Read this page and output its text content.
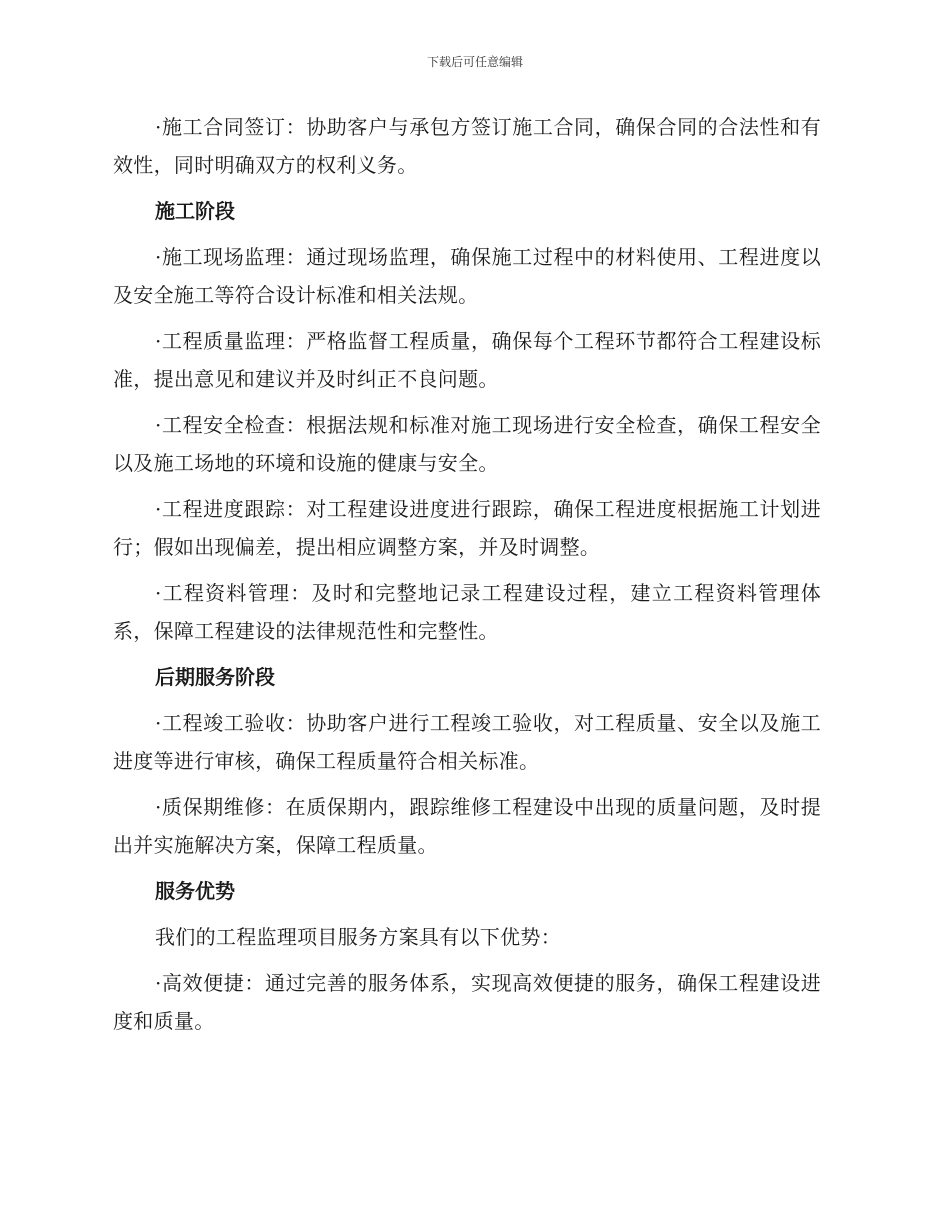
下载后可任意编辑

·施工合同签订：协助客户与承包方签订施工合同，确保合同的合法性和有效性，同时明确双方的权利义务。

施工阶段

·施工现场监理：通过现场监理，确保施工过程中的材料使用、工程进度以及安全施工等符合设计标准和相关法规。

·工程质量监理：严格监督工程质量，确保每个工程环节都符合工程建设标准，提出意见和建议并及时纠正不良问题。

·工程安全检查：根据法规和标准对施工现场进行安全检查，确保工程安全以及施工场地的环境和设施的健康与安全。

·工程进度跟踪：对工程建设进度进行跟踪，确保工程进度根据施工计划进行；假如出现偏差，提出相应调整方案，并及时调整。

·工程资料管理：及时和完整地记录工程建设过程，建立工程资料管理体系，保障工程建设的法律规范性和完整性。

后期服务阶段

·工程竣工验收：协助客户进行工程竣工验收，对工程质量、安全以及施工进度等进行审核，确保工程质量符合相关标准。

·质保期维修：在质保期内，跟踪维修工程建设中出现的质量问题，及时提出并实施解决方案，保障工程质量。

服务优势

我们的工程监理项目服务方案具有以下优势：

·高效便捷：通过完善的服务体系，实现高效便捷的服务，确保工程建设进度和质量。
